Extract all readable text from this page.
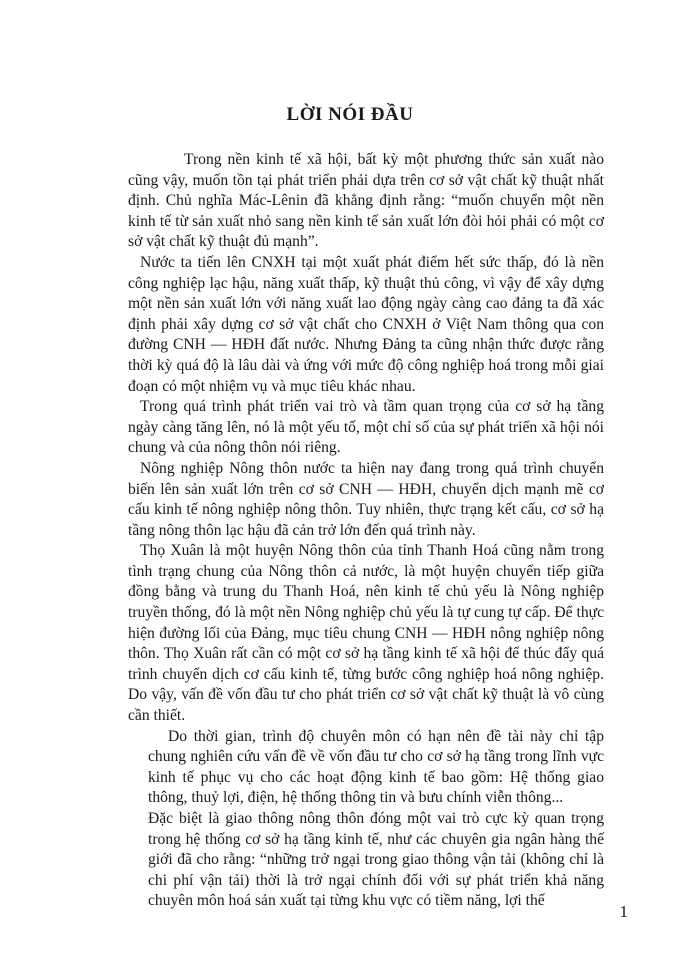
LỜI NÓI ĐẦU

Trong nền kinh tế xã hội, bất kỳ một phương thức sản xuất nào cũng vậy, muốn tồn tại phát triển phải dựa trên cơ sở vật chất kỹ thuật nhất định. Chủ nghĩa Mác-Lênin đã khẳng định rằng: “muốn chuyển một nền kinh tế từ sản xuất nhỏ sang nền kinh tế sản xuất lớn đòi hỏi phải có một cơ sở vật chất kỹ thuật đủ mạnh”.

Nước ta tiến lên CNXH tại một xuất phát điểm hết sức thấp, đó là nền công nghiệp lạc hậu, năng xuất thấp, kỹ thuật thủ công, vì vậy để xây dựng một nền sản xuất lớn với năng xuất lao động ngày càng cao đảng ta đã xác định phải xây dựng cơ sở vật chất cho CNXH ở Việt Nam thông qua con đường CNH — HĐH đất nước. Nhưng Đảng ta cũng nhận thức được rằng thời kỳ quá độ là lâu dài và ứng với mức độ công nghiệp hoá trong mỗi giai đoạn có một nhiệm vụ và mục tiêu khác nhau.

Trong quá trình phát triển vai trò và tầm quan trọng của cơ sở hạ tầng ngày càng tăng lên, nó là một yếu tố, một chỉ số của sự phát triển xã hội nói chung và của nông thôn nói riêng.

Nông nghiệp Nông thôn nước ta hiện nay đang trong quá trình chuyển biến lên sản xuất lớn trên cơ sở CNH — HĐH, chuyển dịch mạnh mẽ cơ cấu kinh tế nông nghiệp nông thôn. Tuy nhiên, thực trạng kết cấu, cơ sở hạ tầng nông thôn lạc hậu đã cản trở lớn đến quá trình này.

Thọ Xuân là một huyện Nông thôn của tỉnh Thanh Hoá cũng nằm trong tình trạng chung của Nông thôn cả nước, là một huyện chuyển tiếp giữa đồng bằng và trung du Thanh Hoá, nên kinh tế chủ yếu là Nông nghiệp truyền thống, đó là một nền Nông nghiệp chủ yếu là tự cung tự cấp. Để thực hiện đường lối của Đảng, mục tiêu chung CNH — HĐH nông nghiệp nông thôn. Thọ Xuân rất cần có một cơ sở hạ tầng kinh tế xã hội để thúc đẩy quá trình chuyển dịch cơ cấu kinh tế, từng bước công nghiệp hoá nông nghiệp. Do vậy, vấn đề vốn đầu tư cho phát triển cơ sở vật chất kỹ thuật là vô cùng cần thiết.

Do thời gian, trình độ chuyên môn có hạn nên đề tài này chỉ tập chung nghiên cứu vấn đề về vốn đầu tư cho cơ sở hạ tầng trong lĩnh vực kinh tế phục vụ cho các hoạt động kinh tế bao gồm: Hệ thống giao thông, thuỷ lợi, điện, hệ thống thông tin và bưu chính viễn thông...

Đặc biệt là giao thông nông thôn đóng một vai trò cực kỳ quan trọng trong hệ thống cơ sở hạ tầng kinh tế, như các chuyên gia ngân hàng thế giới đã cho rằng: “những trở ngại trong giao thông vận tải (không chỉ là chi phí vận tải) thời là trở ngại chính đối với sự phát triển khả năng chuyên môn hoá sản xuất tại từng khu vực có tiềm năng, lợi thế

1
